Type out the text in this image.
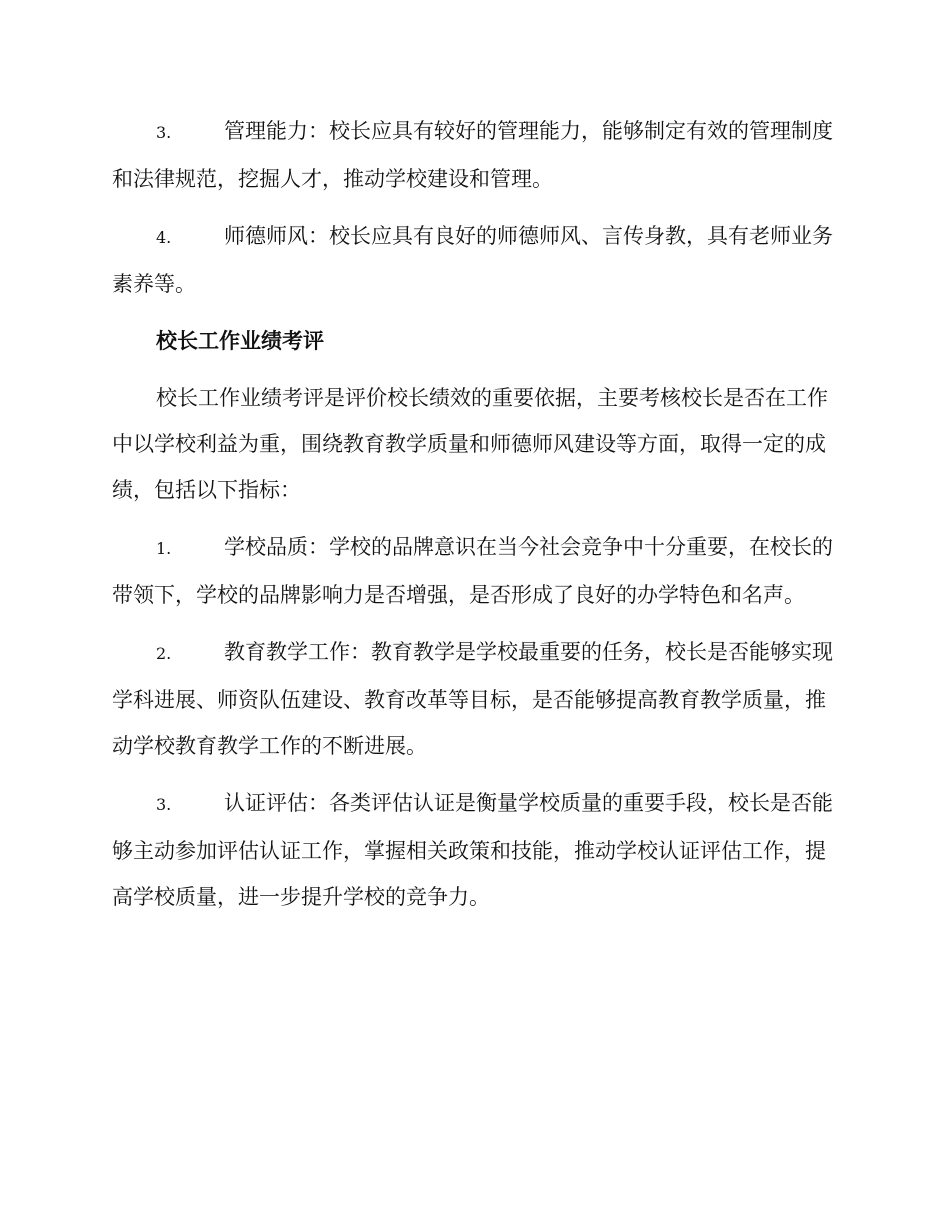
3.	管理能力：校长应具有较好的管理能力，能够制定有效的管理制度和法律规范，挖掘人才，推动学校建设和管理。

4.	师德师风：校长应具有良好的师德师风、言传身教，具有老师业务素养等。

校长工作业绩考评

校长工作业绩考评是评价校长绩效的重要依据，主要考核校长是否在工作中以学校利益为重，围绕教育教学质量和师德师风建设等方面，取得一定的成绩，包括以下指标：

1.	学校品质：学校的品牌意识在当今社会竞争中十分重要，在校长的带领下，学校的品牌影响力是否增强，是否形成了良好的办学特色和名声。

2.	教育教学工作：教育教学是学校最重要的任务，校长是否能够实现学科进展、师资队伍建设、教育改革等目标，是否能够提高教育教学质量，推动学校教育教学工作的不断进展。

3.	认证评估：各类评估认证是衡量学校质量的重要手段，校长是否能够主动参加评估认证工作，掌握相关政策和技能，推动学校认证评估工作，提高学校质量，进一步提升学校的竞争力。
